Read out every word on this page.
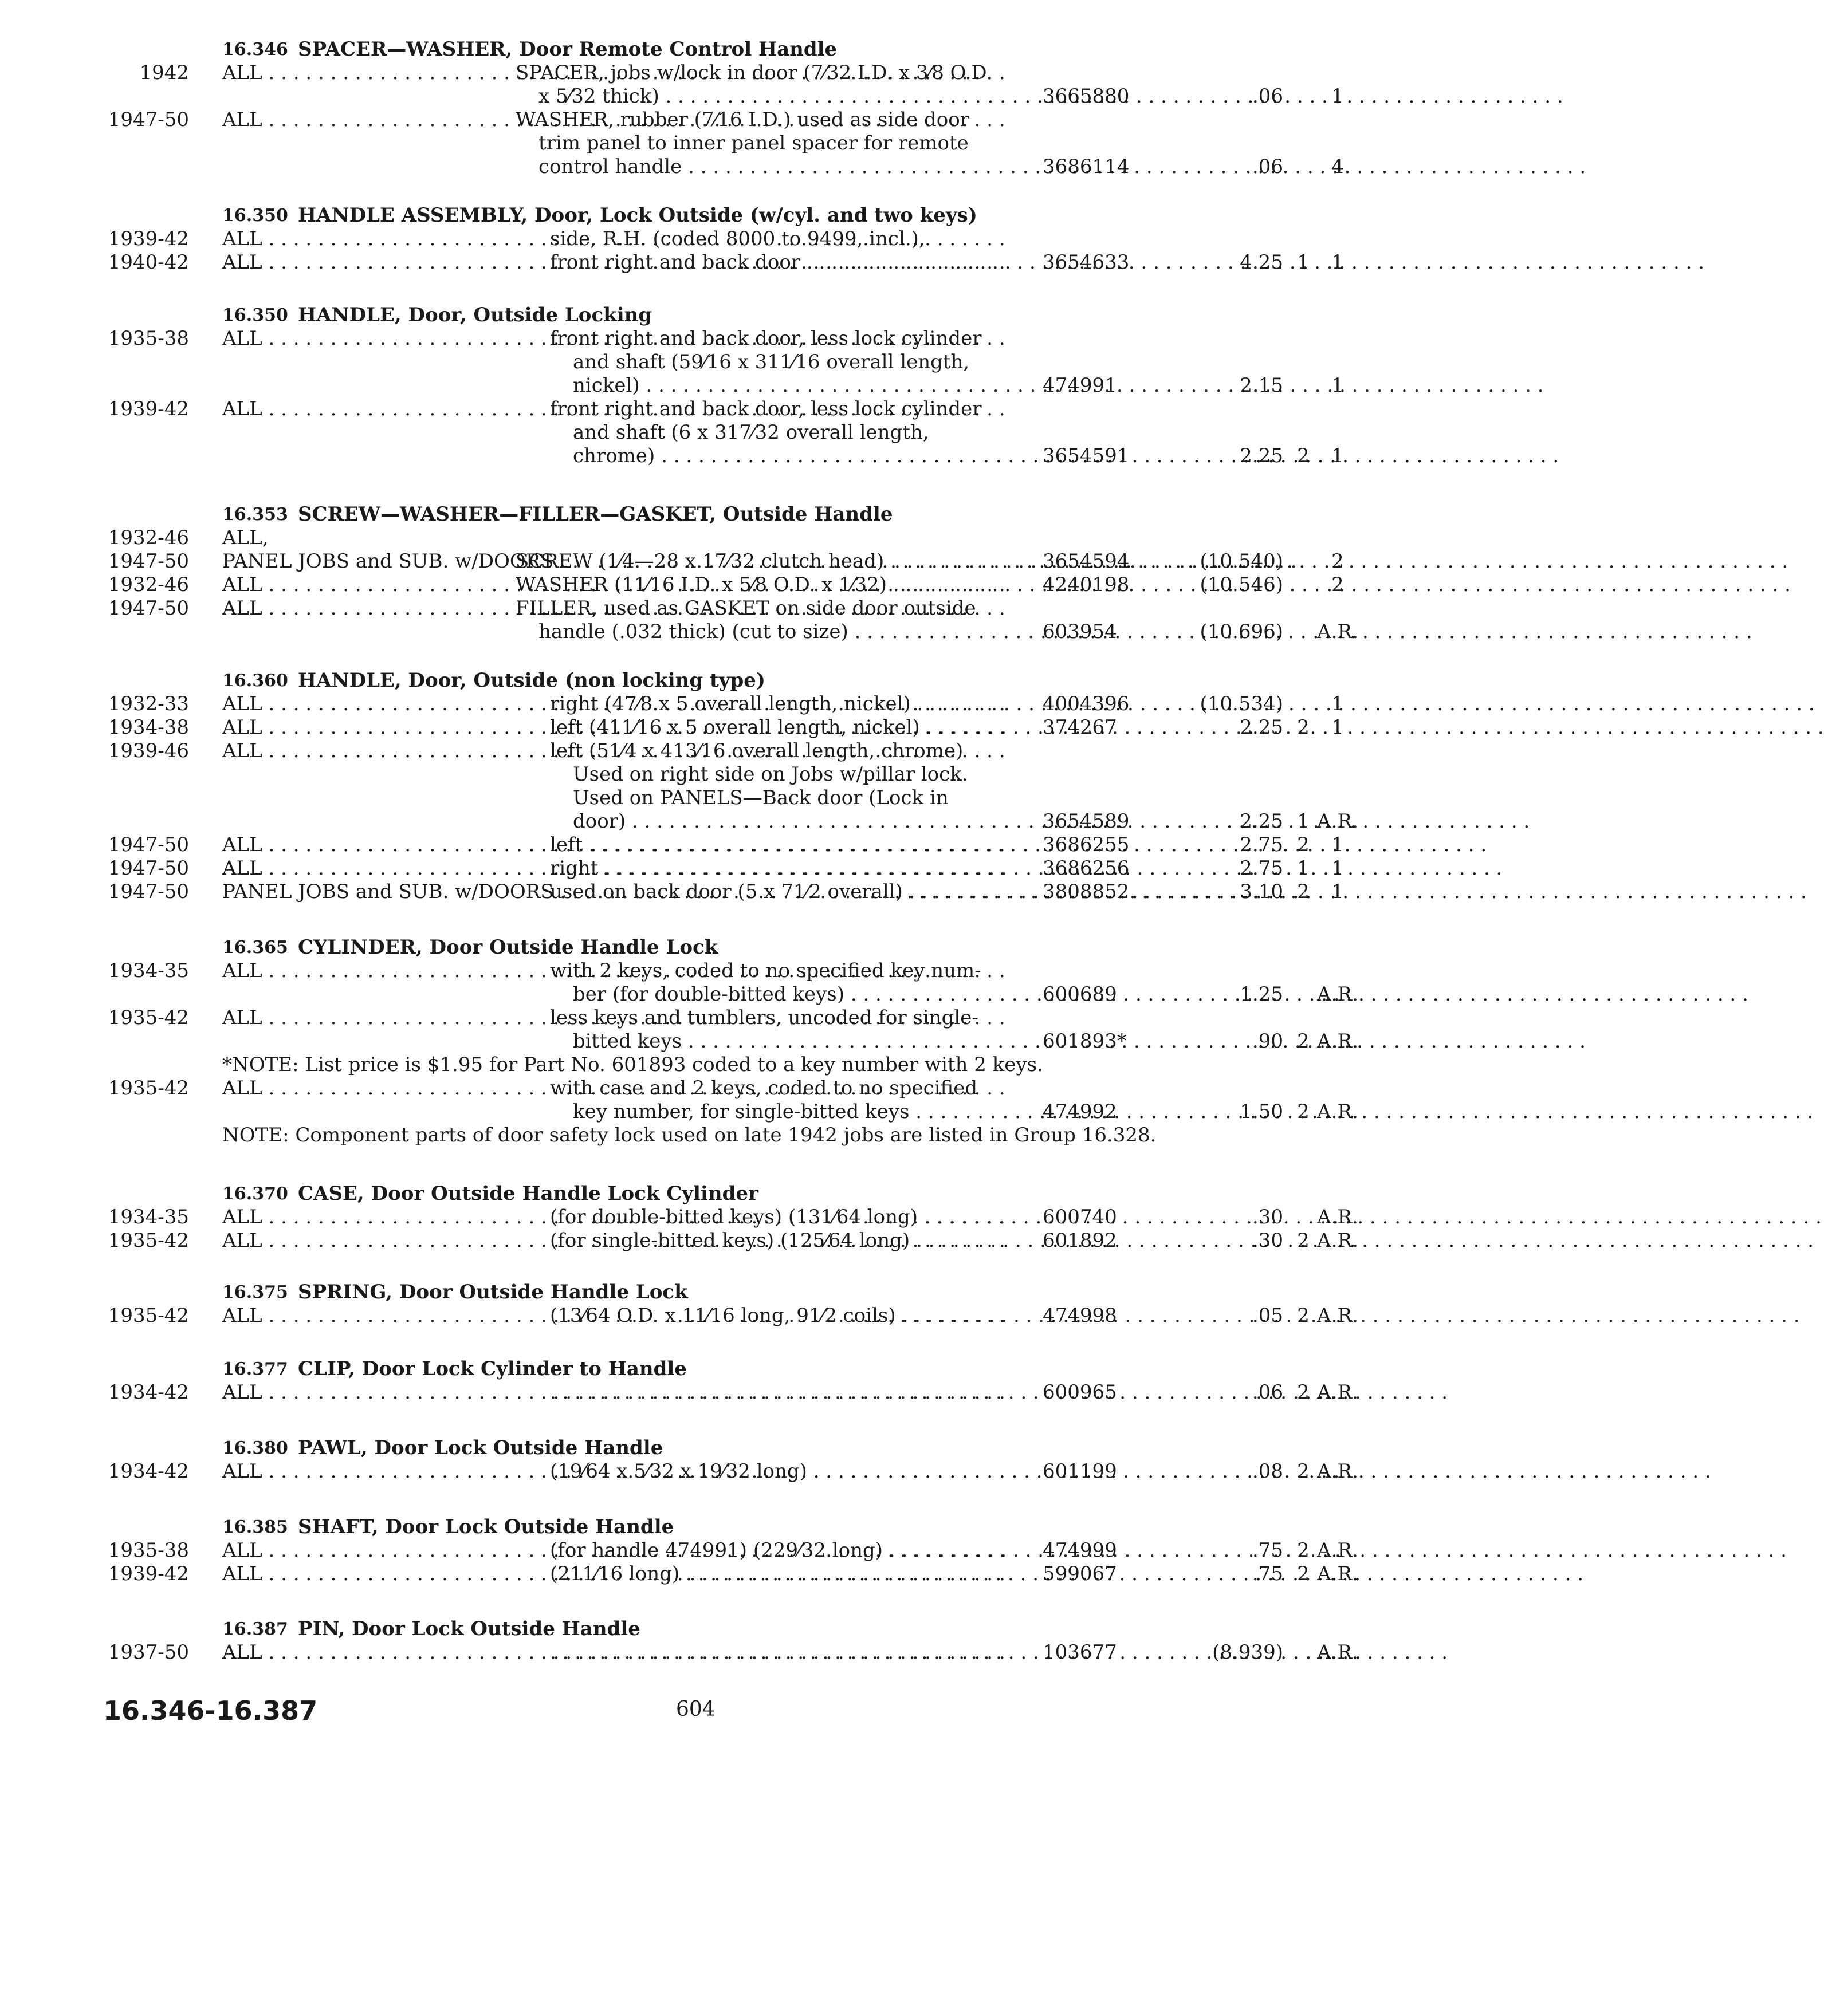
16.346 SPACER—WASHER, Door Remote Control Handle
1942 ALL . . .	SPACER, jobs w/lock in door (7⁄32 I.D. x 3⁄8 O.D.
x 5⁄32 thick) . . .	3665880	.06	1
1947-50 ALL . . .	WASHER, rubber (7⁄16 I.D.) used as side door
trim panel to inner panel spacer for remote
control handle . . .	3686114	.06	4
16.350 HANDLE ASSEMBLY, Door, Lock Outside (w/cyl. and two keys)
1939-42 ALL . . .	side, R.H. (coded 8000 to 9499, incl.),
1940-42 ALL . . .	front right and back door . . .	3654633	4.25 1	1
16.350 HANDLE, Door, Outside Locking
1935-38 ALL . . .	front right and back door, less lock cylinder
and shaft (59⁄16 x 311⁄16 overall length,
nickel) . . .	474991	2.15	1
1939-42 ALL . . .	front right and back door, less lock cylinder
and shaft (6 x 317⁄32 overall length,
chrome) . . .	3654591	2.25 2	1
16.353 SCREW—WASHER—FILLER—GASKET, Outside Handle
1932-46 ALL,
1947-50 PANEL JOBS and SUB. w/DOORS . . .
SCREW (1⁄4—28 x 17⁄32 clutch head) . . .	3654594	(10.540)	2
1932-46 ALL . . .	WASHER (11⁄16 I.D. x 5⁄8 O.D. x 1⁄32) . . .	4240198	(10.546)	2
1947-50 ALL . . .	FILLER, used as GASKET on side door outside
handle (.032 thick) (cut to size) . . .	603954	(10.696) A.R.
16.360 HANDLE, Door, Outside (non locking type)
1932-33 ALL . . .	right (47⁄8 x 5 overall length, nickel) . . .	4004396	(10.534)	1
1934-38 ALL . . .	left (411⁄16 x 5 overall length, nickel) . . .	374267	2.25 2	1
1939-46 ALL . . .	left (51⁄4 x 413⁄16 overall length, chrome)
Used on right side on Jobs w/pillar lock.
Used on PANELS—Back door (Lock in
door) . . .	3654589	2.25 1 A.R.
1947-50 ALL . . .	left . . .	3686255	2.75 2	1
1947-50 ALL . . .	right . . .	3686256	2.75 1	1
1947-50 PANEL JOBS and SUB. w/DOORS . . .
used on back door (5 x 71⁄2 overall) . . .	3808852	3.10 2	1
16.365 CYLINDER, Door Outside Handle Lock
1934-35 ALL . . .	with 2 keys, coded to no specified key num-
ber (for double-bitted keys) . . .	600689	1.25 A.R.
1935-42 ALL . . .	less keys and tumblers, uncoded for single-
bitted keys . . .	601893*	.90 2 A.R.
*NOTE: List price is $1.95 for Part No. 601893 coded to a key number with 2 keys.
1935-42 ALL . . .	with case and 2 keys, coded to no specified
key number, for single-bitted keys . . .	474992	1.50 2 A.R.
NOTE: Component parts of door safety lock used on late 1942 jobs are listed in Group 16.328.
16.370 CASE, Door Outside Handle Lock Cylinder
1934-35 ALL . . .	(for double-bitted keys) (131⁄64 long) . . .	600740	.30 A.R.
1935-42 ALL . . .	(for single-bitted keys) (125⁄64 long) . . .	601892	.30 2 A.R.
16.375 SPRING, Door Outside Handle Lock
1935-42 ALL . . .	(13⁄64 O.D. x 11⁄16 long, 91⁄2 coils) . . .	474998	.05 2 A.R.
16.377 CLIP, Door Lock Cylinder to Handle
1934-42 ALL . . . . . .	600965	.06 2 A.R.
16.380 PAWL, Door Lock Outside Handle
1934-42 ALL . . .	(19⁄64 x 5⁄32 x 19⁄32 long) . . .	601199	.08 2 A.R.
16.385 SHAFT, Door Lock Outside Handle
1935-38 ALL . . .	(for handle 474991) (229⁄32 long) . . .	474999	.75 2 A.R.
1939-42 ALL . . .	(211⁄16 long) . . .	599067	.75 2 A.R.
16.387 PIN, Door Lock Outside Handle
1937-50 ALL . . . . . .	103677	(8.939) A.R.
16.346-16.387	604
